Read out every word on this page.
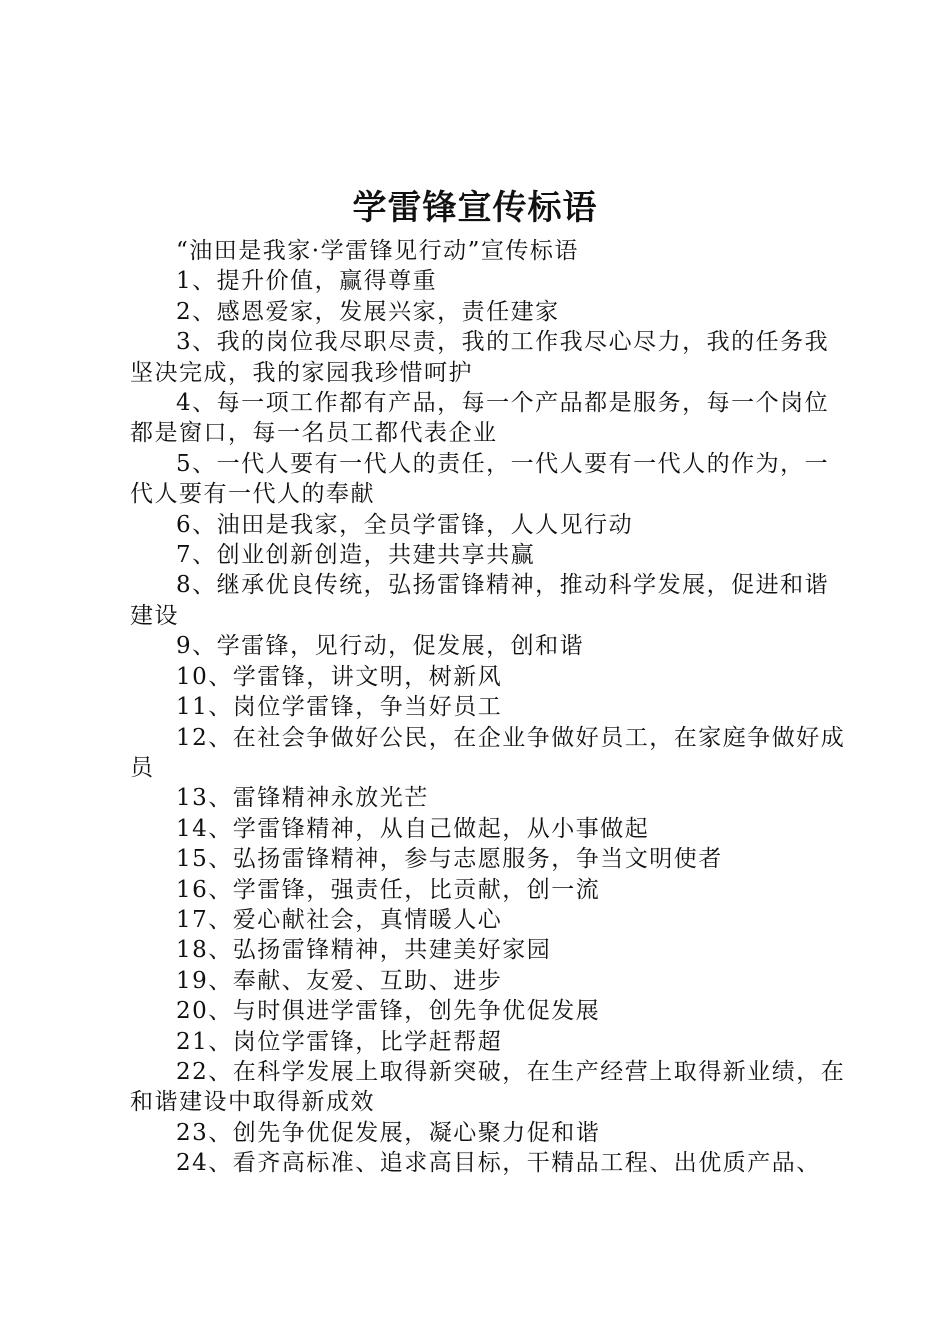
学雷锋宣传标语

“油田是我家·学雷锋见行动”宣传标语

1、提升价值，赢得尊重

2、感恩爱家，发展兴家，责任建家

3、我的岗位我尽职尽责，我的工作我尽心尽力，我的任务我坚决完成，我的家园我珍惜呵护

4、每一项工作都有产品，每一个产品都是服务，每一个岗位都是窗口，每一名员工都代表企业

5、一代人要有一代人的责任，一代人要有一代人的作为，一代人要有一代人的奉献

6、油田是我家，全员学雷锋，人人见行动

7、创业创新创造，共建共享共赢

8、继承优良传统，弘扬雷锋精神，推动科学发展，促进和谐建设

9、学雷锋，见行动，促发展，创和谐

10、学雷锋，讲文明，树新风

11、岗位学雷锋，争当好员工

12、在社会争做好公民，在企业争做好员工，在家庭争做好成员

13、雷锋精神永放光芒

14、学雷锋精神，从自己做起，从小事做起

15、弘扬雷锋精神，参与志愿服务，争当文明使者

16、学雷锋，强责任，比贡献，创一流

17、爱心献社会，真情暖人心

18、弘扬雷锋精神，共建美好家园

19、奉献、友爱、互助、进步

20、与时俱进学雷锋，创先争优促发展

21、岗位学雷锋，比学赶帮超

22、在科学发展上取得新突破，在生产经营上取得新业绩，在和谐建设中取得新成效

23、创先争优促发展，凝心聚力促和谐

24、看齐高标准、追求高目标，干精品工程、出优质产品、
